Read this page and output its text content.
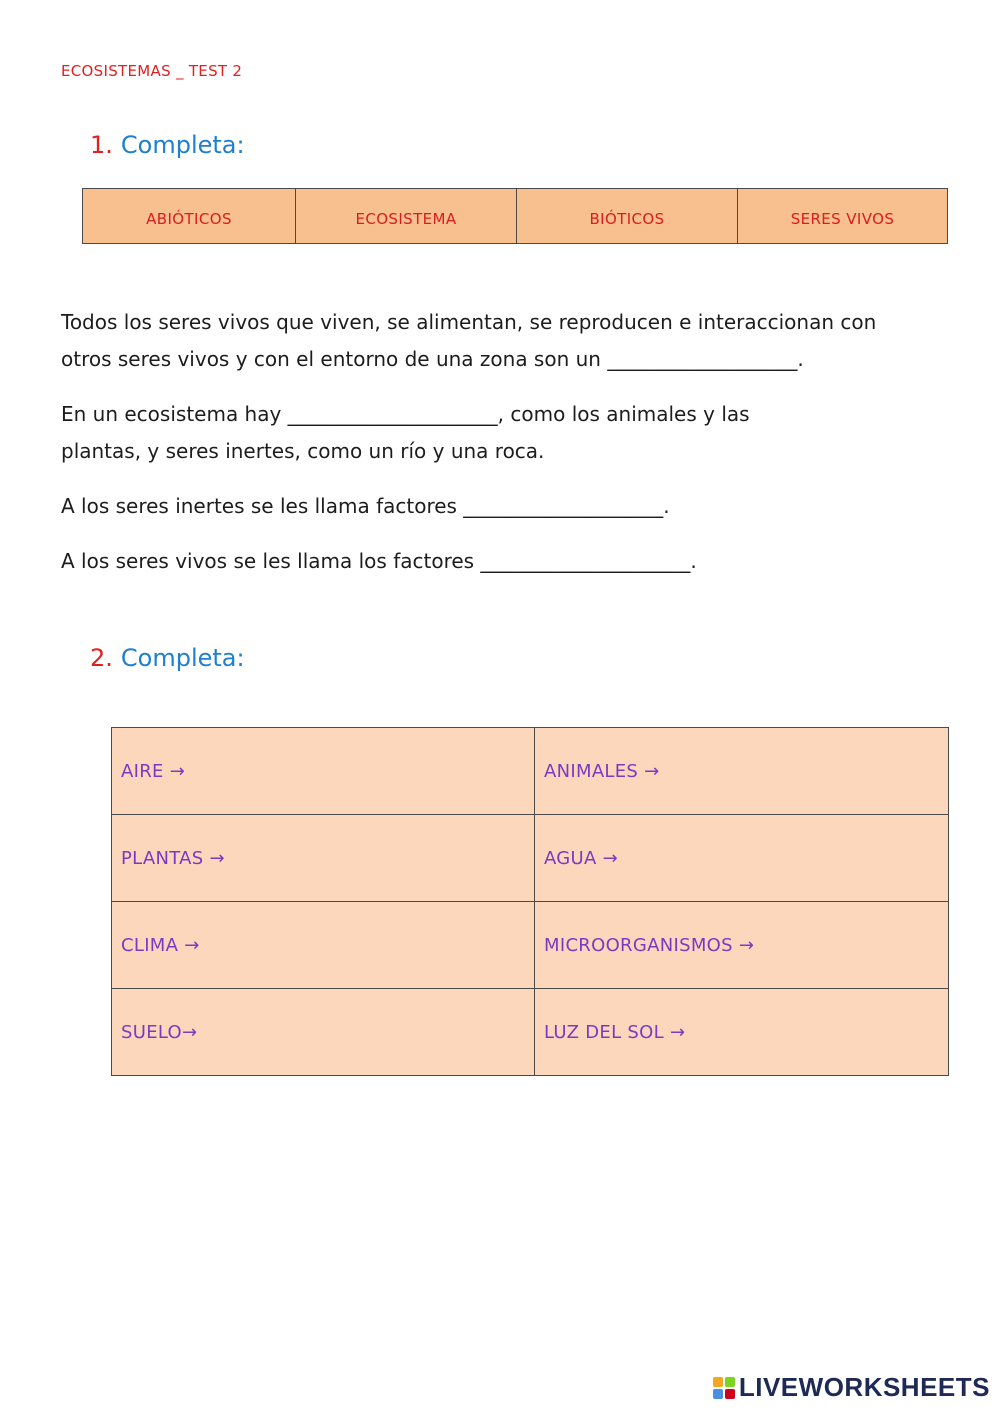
ECOSISTEMAS _ TEST 2
1. Completa:
ABIÓTICOS	ECOSISTEMA	BIÓTICOS	SERES VIVOS
Todos los seres vivos que viven, se alimentan, se reproducen e interaccionan con
otros seres vivos y con el entorno de una zona son un ___________________.
En un ecosistema hay _____________________, como los animales y las
plantas, y seres inertes, como un río y una roca.
A los seres inertes se les llama factores ____________________.
A los seres vivos se les llama los factores _____________________.
2. Completa:
AIRE →	ANIMALES →
PLANTAS →	AGUA →
CLIMA →	MICROORGANISMOS →
SUELO→	LUZ DEL SOL →
LIVEWORKSHEETS
